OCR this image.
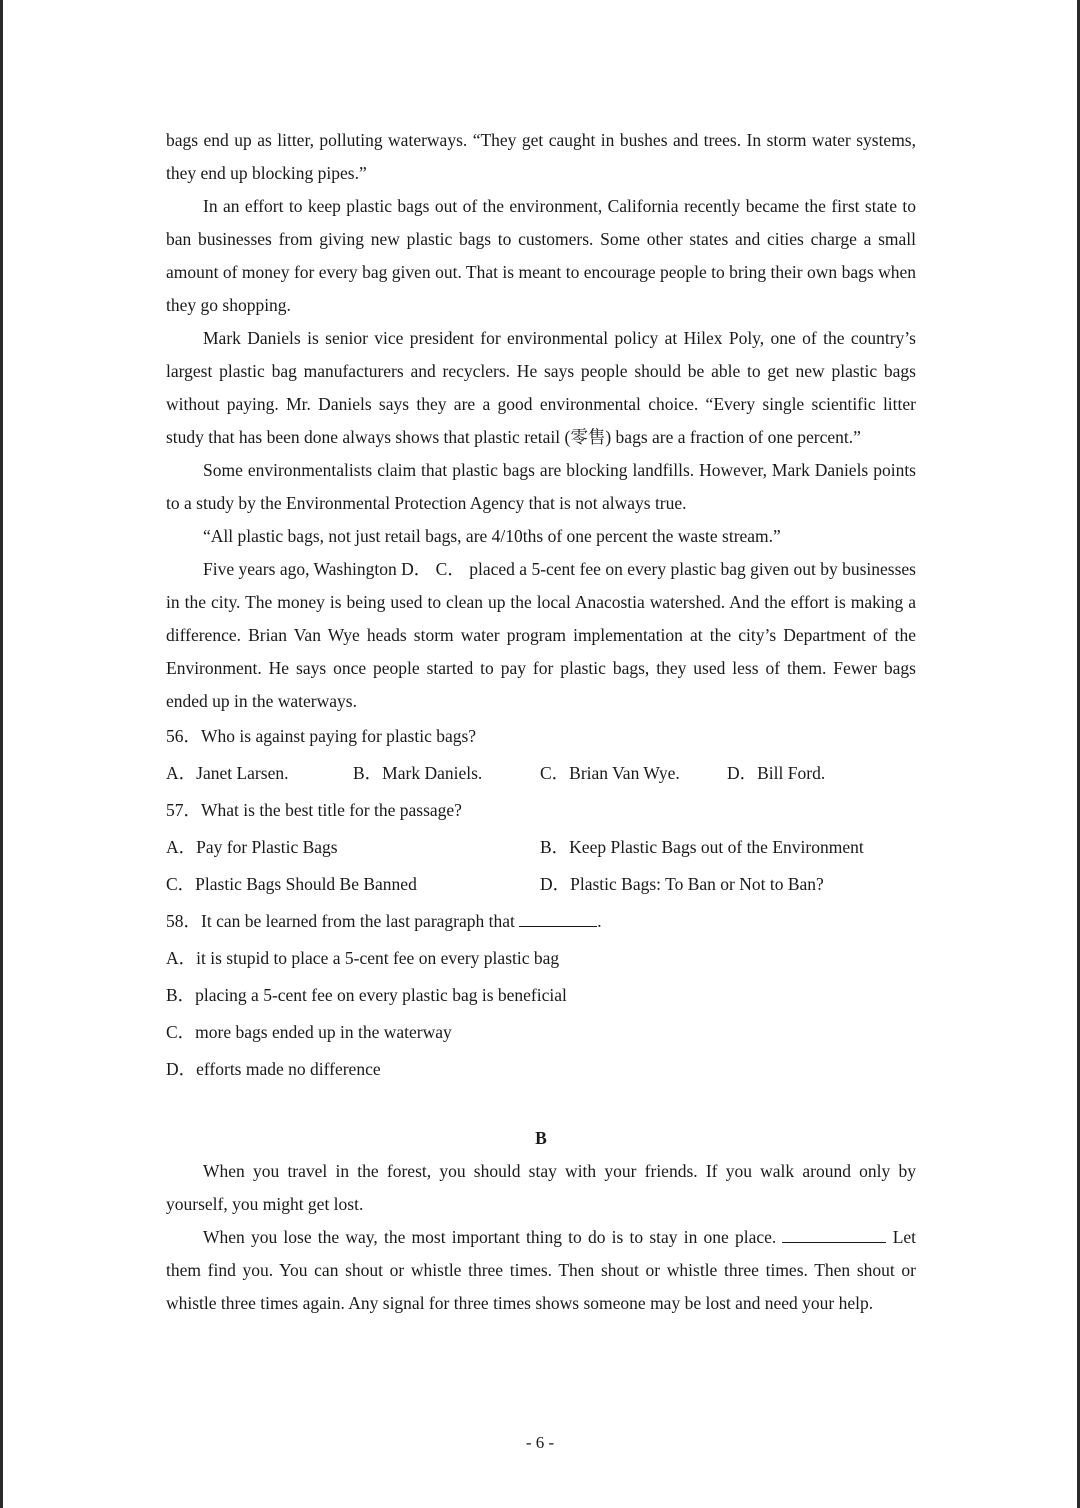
bags end up as litter, polluting waterways. “They get caught in bushes and trees. In storm water systems, they end up blocking pipes.”

In an effort to keep plastic bags out of the environment, California recently became the first state to ban businesses from giving new plastic bags to customers. Some other states and cities charge a small amount of money for every bag given out. That is meant to encourage people to bring their own bags when they go shopping.

Mark Daniels is senior vice president for environmental policy at Hilex Poly, one of the country’s largest plastic bag manufacturers and recyclers. He says people should be able to get new plastic bags without paying. Mr. Daniels says they are a good environmental choice. “Every single scientific litter study that has been done always shows that plastic retail (零售) bags are a fraction of one percent.”

Some environmentalists claim that plastic bags are blocking landfills. However, Mark Daniels points to a study by the Environmental Protection Agency that is not always true.

“All plastic bags, not just retail bags, are 4/10ths of one percent the waste stream.”

Five years ago, Washington D． C． placed a 5-cent fee on every plastic bag given out by businesses in the city. The money is being used to clean up the local Anacostia watershed. And the effort is making a difference. Brian Van Wye heads storm water program implementation at the city’s Department of the Environment. He says once people started to pay for plastic bags, they used less of them. Fewer bags ended up in the waterways.

56．Who is against paying for plastic bags?

A．Janet Larsen.	B．Mark Daniels.	C．Brian Van Wye.	D．Bill Ford.

57．What is the best title for the passage?

A．Pay for Plastic Bags	B．Keep Plastic Bags out of the Environment
C．Plastic Bags Should Be Banned	D．Plastic Bags: To Ban or Not to Ban?

58．It can be learned from the last paragraph that	.

A．it is stupid to place a 5-cent fee on every plastic bag

B．placing a 5-cent fee on every plastic bag is beneficial

C．more bags ended up in the waterway

D．efforts made no difference

B

When you travel in the forest, you should stay with your friends. If you walk around only by yourself, you might get lost.

When you lose the way, the most important thing to do is to stay in one place.	Let them find you. You can shout or whistle three times. Then shout or whistle three times. Then shout or whistle three times again. Any signal for three times shows someone may be lost and need your help.

- 6 -
